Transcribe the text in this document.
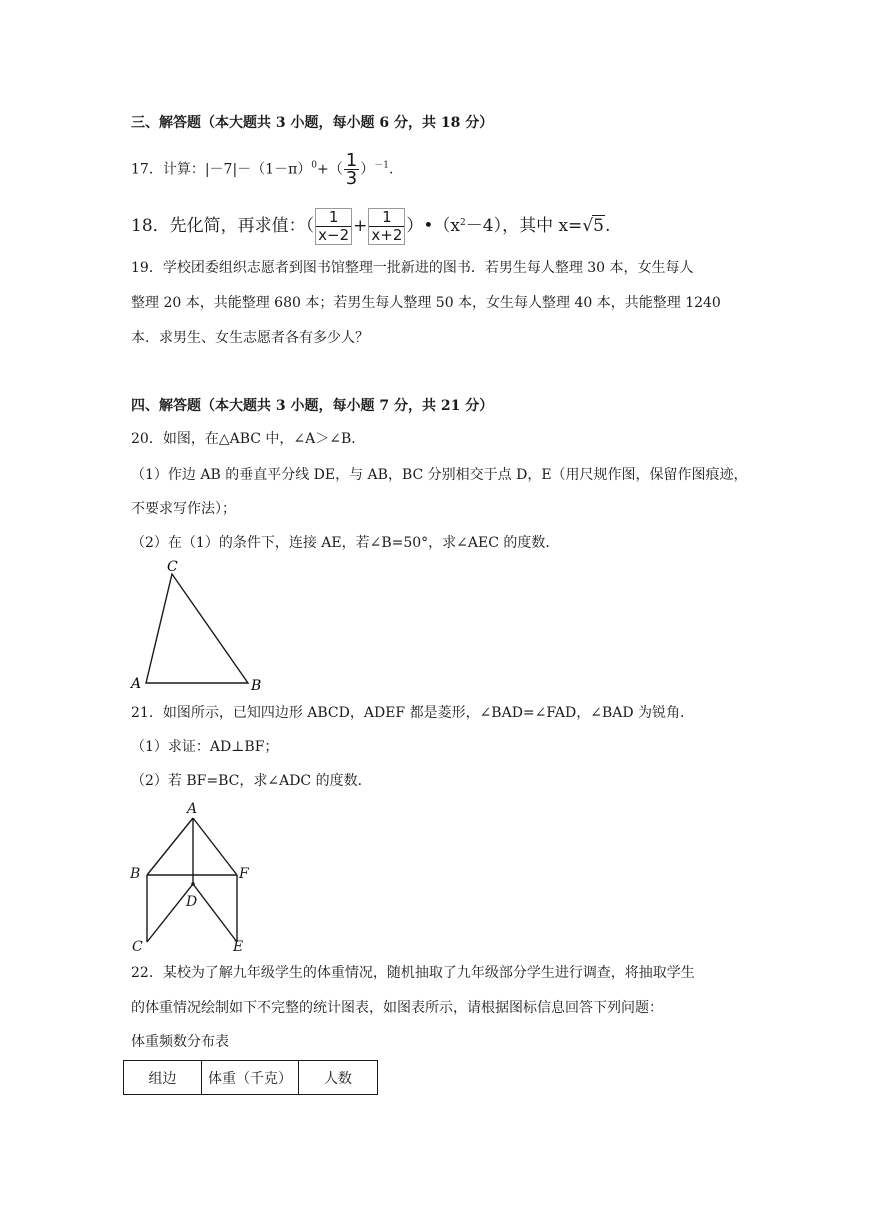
三、解答题（本大题共 3 小题，每小题 6 分，共 18 分）
17．计算：$|-7|-(1-\pi)^0+( \frac{1}{3} )^{-1}$.
18．先化简，再求值：（ $\frac{1}{x-2} + \frac{1}{x+2}$ ）$•(x^2-4)$，其中 x=√5.
19．学校团委组织志愿者到图书馆整理一批新进的图书．若男生每人整理 30 本，女生每人
整理 20 本，共能整理 680 本；若男生每人整理 50 本，女生每人整理 40 本，共能整理 1240
本．求男生、女生志愿者各有多少人？
四、解答题（本大题共 3 小题，每小题 7 分，共 21 分）
20．如图，在△ABC 中，∠A＞∠B．
（1）作边 AB 的垂直平分线 DE，与 AB，BC 分别相交于点 D，E（用尺规作图，保留作图痕迹，
不要求写作法）；
（2）在（1）的条件下，连接 AE，若∠B=50°，求∠AEC 的度数．
C
A	B
21．如图所示，已知四边形 ABCD，ADEF 都是菱形，∠BAD=∠FAD，∠BAD 为锐角．
（1）求证：AD⊥BF；
（2）若 BF=BC，求∠ADC 的度数．
A
B	F
D
C	E
22．某校为了解九年级学生的体重情况，随机抽取了九年级部分学生进行调查，将抽取学生
的体重情况绘制如下不完整的统计图表，如图表所示，请根据图标信息回答下列问题：
体重频数分布表
组边	体重（千克）	人数
